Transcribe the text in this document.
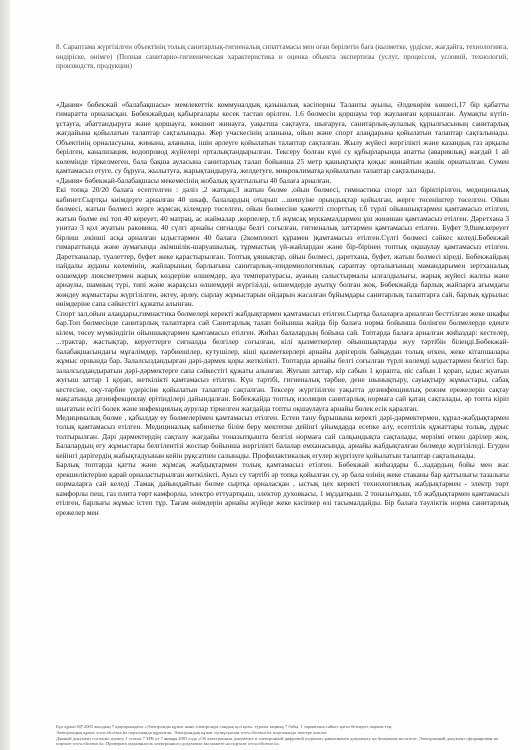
8. Сараптама жүргізілген объектінің толық санитарлық-гигиеналық сипаттамасы мен оған берілетін баға (кызметке, үрдіске, жағдайға, технологияға, өндіріске, өнімге) (Полная санитарно-гигиеническая характеристика и оценка объекта экспертизы (услуг, процессов, условий, технологий, производств, продукции)

«Дания» бөбекжай «балабақшасы» мемлекеттік коммуналдық қазыналық кәсіпорны Таланты ауылы, Әлдекөрім көшесі,17 бір қабатты ғимаратта орналасқан. Бөбекжайдың қабырғалары кесек тастан өрілген. 1.6 бөлмесін қоршауы тор жауланған қоршалған. Аумақты күтіп-ұстауға, абаттандыруға және қоршауға, көкшөп жинауға, уақытша сақтауға, шығаруға, санитарлық-аулалық құрылғысының санитарлық жағдайына қойылатын талаптар сақталынады. Жер учаскесінің аланына, ойын және спорт алаңдарына қойылатын талаптар сақталынады. Объектінің орналасуына, жинына, аланына, ішін әрлеуге қойылатын талаптар сақталған. Жылу жүйесі жергілікті және казандық газ арқылы берілген, канализация, водопровод жүйелері орталықтандырылған. Тексеру болған күні су құбырларында апатты (авариялық) жағдай 1 ай көлемінде тіркелмеген, бала бақша ауласына санитарлық талап бойынша 25 метр қашықтықта қоқыс жинайтын жәшік орнатылған. Сумен қамтамасыз етуге, су бұруға, жылытуға, жарықтандыруға, желдетуге, микроклиматқа қойылатын талаптар сақталынады.

«Дания» бөбекжай-балабақшасы мекемесінің жобалық қуаттылығы 40 балаға арналған.

Екі топқа 20/20 балаға есептелген : дәліз ,2 жатқан,3 жатын бөлме ,ойын бөлмесі, гимнастика спорт зал біріктірілген, медициналық кабинет.Сыртқы киімдерге арналған 40 шкаф, балалардың отырып ...шешуіне орындықтар қойылған, жерге төсеніштер төселген. Ойын бөлмесі, жатын бөлмесі жерге жұмсақ кілемдер төселген, ойын бөлмесіне қажетті спорттық т.б түрлі ойыншықтармен қамтамасыз етілген, жатын бөлме екі топ 40 кереует, 40 матрац, ас жаймалар ,көрпелер, т.б жұмсақ мүккамалдармен ұш жининан қамтамасыз етілген. Дәретхана 3 унитаз 3 қол жуатын раковина, 40 сүлгі арнайы сигналды белгі соғылған, гигиеналық заттармен қамтамасыз етілген. Буфет 9,0шм.кереует бірлиш ,екінші асқа арналған ыдыстармен 40 балаға (2комплекті құрамен )қамтамасыз етілген.Сүлгі бөлмесі сәйкес келеді.Бөбекжай гимараттында және аумағында әкімшілік-шаруашылық, тұрмыстық үй-жайлардан және бір-бірінен топтық оқшаулау қамтамасыз етілген. Дәретханалар, туалеттер, буфет жеке қарастырылған. Топтық ұяшықтар, ойын бөлмесі, дәретхана, буфет, жатын бөлмесі кіреді. Бөбекжайдың пайдалы ауданы көлемінің, жайларының барлығына санитарлық-эпидемиологиялық сараптау орталығының мамандарымен зертханалық өлшемдер люксметрмен жарық көздеріне өлшемдер, ауа температурасы, ауаның салыстырмалы ылғалдылығы, жарық жүйесі жалпы және арнаулы, шамның түрі, типі және жарақсыз өлшемдері жүргізілді, өлшемдерде ауытқу болған жоқ. Бөбекжайда барлық жайларға ағымдағы жөндеу жұмыстары жүргізілген, әктеу, әрлеу, сырлау жұмыстарын ойдарын жасалған бұйымдары санитарлық талаптарға сай, барлық құрылыс өнімдеріне сапа сәйкестігі құжаты алынған.

Спорт зал,ойын алаңдары,гимнастика бөлмелері керекті жабдықтармен қамтамасыз етілген.Сыртқа балаларға арналған бесттілған жеке шкафы бар.Топ бөлмесінде санитарлық талаптарға сай Санитарлық талап бойынша жайда бір балаға норма бойынша бөлінген бөлмелерде еденге кілем, төсеу мүмкіндігін ойыншықтармен қамтамасыз етілген. Жиһаз балалардың бойына сай. Топтарда балаға арналған жиһаздар: кестелер, ...трактар, жастықтар, керуеттерге сигналды белгілер соғылған, кілі қызметкерлер ойыншықтарды жуу тәртібін білеңді.Бөбекжай-балабақшасындағы мұғалімдер, тәрбиешілер, кутушілер, кіші қызметкерлері арнайы дәрігерлік байқаудан толық өткен, жеке кітапшалары жұмыс орнында бар. Залалсыздандырған дәрі-дәрмек қоры жеткілікті. Топтарда арнайы белгі соғылған түрлі көлемді ыдыстармен белгісі бар. залалсыздандыратын дәрі-дәрмектерге сапа сәйкестігі құжаты алынған. Жуғыш заттар, кір сабын 1 қорапта, иіс сабын 1 қорап, ыдыс жуатын жуғыш заттар 1 қорап, жеткілікті қамтамасыз етілген. Күн тәртібі, гигиеналық тәрбие, дене шынықтыру, сауықтыру жұмыстары, сабақ кестесіне, оқу-тәрбие үдерісіне қойылатын талаптар сақталған. Тексеру жүргізілген уақытта дезинфекциялық режим ережелерін сақтау мақсатында дезинфекциялау ерітінділері дайындалған. Бөбекжайда топтық изоляция санитарлық нормаға сай қатаң сақталады, әр топта кіріп шығатын есігі бөлек және инфекциялық аурулар тіркелген жағдайда топты оқшаулауға арнайы бөлек есік қаралған.

Медициналық бөлме , қабылдау еу бөлмелерімен қамтамасыз етілген. Естен тану бұрышына керекті дәрі-дәрмектермен, құрал-жабдықтармен толық қамтамасыз етілген. Медициналық кабинетке білім беру мектепке дейінгі ұйымдарда есепке алу, есептілік құжаттары толық, дұрыс толтырылған. Дәрі дәрмектердің сақталу жағдайы тоназытқышта белгілі нормаға сай салқындықта сақталады, мерзімі өткен дәрілер жоқ. Балалардың егу жұмыстары белгілентізі жоспар бойынша жергілікті балалар емханасында, арнайы жабдықталған бөлмеде жүргізіледі. Егуден кейінгі дәрігердің жабықтадуынан кейін рұқсатпен салынады. Профилактикалық егулер жүргізуге қойылатын талаптар сақталынады.

Барлық топтарда қатты және жұмсақ жабдықтармен толық қамтамасыз етілген. Бөбекжай жиһаздары б...ладардың бойы мен жас ерекшеліктеріне қарай орналастырылған жеткілікті. Ауыз су тәртібі әр топқа қойылған су, әр бала өзінің жеке стаканы бар қаттылығы тазалығы нормаларға сай келеді .Тамақ дайындайтын бөлме сыртқа орналасқан , ыстық цех керекті технологиялық жабдықтармен - электр төрт камфорлы пеш, газ плита төрт камфорлы, электро еттуартқыш, электор духовкасы, 1 мұздатқыш. 2 тоназытқыш, т.б жабдықтармен қамтамасыз етілген, барлығы жұмыс істеп тұр. Тағам өнімдерін арнайы жүйеде жеке кәсіпкер өзі тасымалдайды. Бір балаға тәуліктік норма санитарлық ережелер мен

Бұл құжат ҚР 2003 жылдың 7 қаңтарындағы «Электронды құжат және электронды сандық қол қою» туралы заңның 7 бабы, 1 тармағына сәйкес қағаз бетіндегі заңмен тең.

Электрондық құжат www.elicense.kz порталында құрылған. Электрондық құжат түпнұсқасын www.elicense.kz порталында тексере аласыз.

Данный документ согласно пункту 1 статьи 7 ЗРК от 7 января 2003 года «Об электронном документе и электронной цифровой подписи» равнозначен документу на бумажном носителе. Электронный документ сформирован на портале www.elicense.kz. Проверить подлинность электронного документа вы можете на портале www.elicense.kz.
